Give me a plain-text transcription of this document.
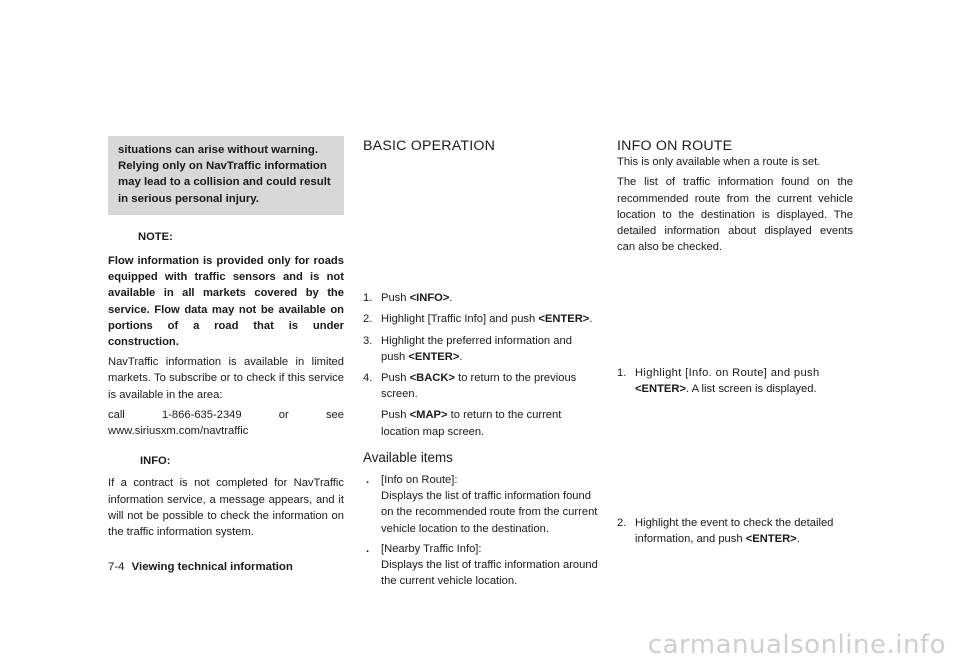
situations can arise without warning. Relying only on NavTraffic information may lead to a collision and could result in serious personal injury.
NOTE:

Flow information is provided only for roads equipped with traffic sensors and is not available in all markets covered by the service. Flow data may not be available on portions of a road that is under construction.

NavTraffic information is available in limited markets. To subscribe or to check if this service is available in the area:

call 1-866-635-2349 or see www.siriusxm.com/navtraffic

INFO:

If a contract is not completed for NavTraffic information service, a message appears, and it will not be possible to check the information on the traffic information system.

BASIC OPERATION
1. Push <INFO>.
2. Highlight [Traffic Info] and push <ENTER>.
3. Highlight the preferred information and push <ENTER>.
4. Push <BACK> to return to the previous screen.
Push <MAP> to return to the current location map screen.
Available items
.	[Info on Route]:
Displays the list of traffic information found on the recommended route from the current vehicle location to the destination.
.	[Nearby Traffic Info]:
Displays the list of traffic information around the current vehicle location.
INFO ON ROUTE

This is only available when a route is set.

The list of traffic information found on the recommended route from the current vehicle location to the destination is displayed. The detailed information about displayed events can also be checked.

1. Highlight [Info. on Route] and push <ENTER>. A list screen is displayed.
2. Highlight the event to check the detailed information, and push <ENTER>.
7-4 Viewing technical information
carmanualsonline.info
